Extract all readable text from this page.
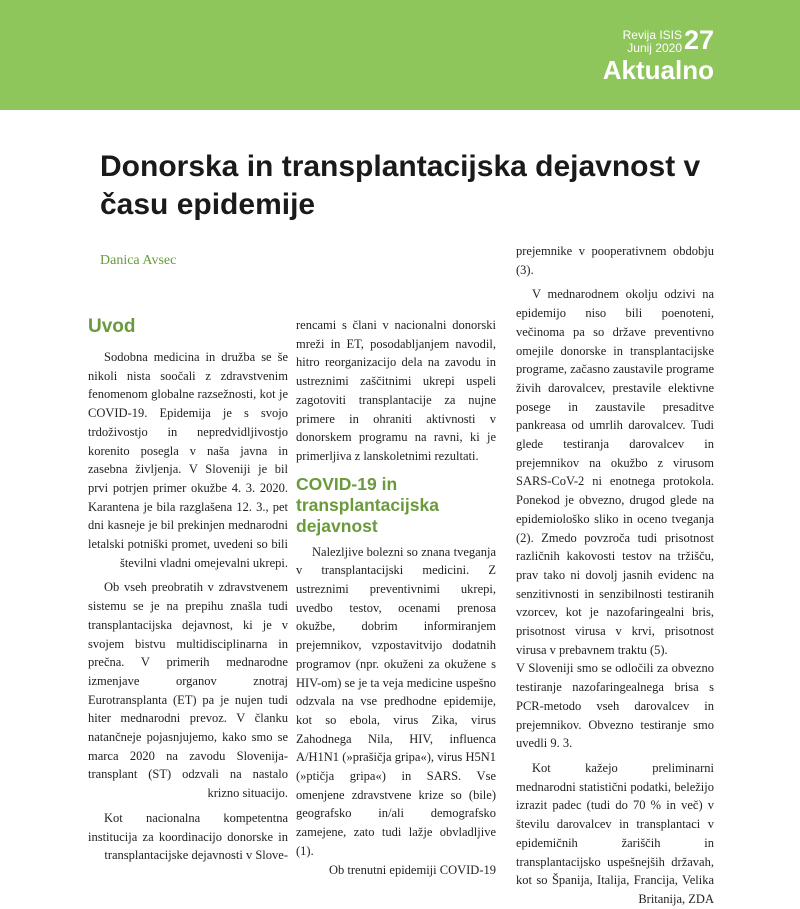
Revija ISIS
Junij 2020 27
Aktualno
Donorska in transplantacijska dejavnost v času epidemije
Danica Avsec
Uvod

Sodobna medicina in družba se še nikoli nista soočali z zdravstvenim fenomenom globalne razsežnosti, kot je COVID-19. Epidemija je s svojo trdoživostjo in nepredvidljivostjo korenito posegla v naša javna in zasebna življenja. V Sloveniji je bil prvi potrjen primer okužbe 4. 3. 2020. Karantena je bila razglašena 12. 3., pet dni kasneje je bil prekinjen mednarodni letalski potniški promet, uvedeni so bili številni vladni omejevalni ukrepi.

Ob vseh preobratih v zdravstvenem sistemu se je na prepihu znašla tudi transplantacijska dejavnost, ki je v svojem bistvu multidisciplinarna in prečna. V primerih mednarodne izmenjave organov znotraj Eurotransplanta (ET) pa je nujen tudi hiter mednarodni prevoz. V članku natančneje pojasnjujemo, kako smo se marca 2020 na zavodu Slovenija-transplant (ST) odzvali na nastalo krizno situacijo.

Kot nacionalna kompetentna institucija za koordinacijo donorske in transplantacijske dejavnosti v Slove-

rencami s člani v nacionalni donorski mreži in ET, posodabljanjem navodil, hitro reorganizacijo dela na zavodu in ustreznimi zaščitnimi ukrepi uspeli zagotoviti transplantacije za nujne primere in ohraniti aktivnosti v donorskem programu na ravni, ki je primerljiva z lanskoletnimi rezultati.

COVID-19 in transplantacijska dejavnost

Nalezljive bolezni so znana tveganja v transplantacijski medicini. Z ustreznimi preventivnimi ukrepi, uvedbo testov, ocenami prenosa okužbe, dobrim informiranjem prejemnikov, vzpostavitvijo dodatnih programov (npr. okuženi za okužene s HIV-om) se je ta veja medicine uspešno odzvala na vse predhodne epidemije, kot so ebola, virus Zika, virus Zahodnega Nila, HIV, influenca A/H1N1 (»prašičja gripa«), virus H5N1 (»ptičja gripa«) in SARS. Vse omenjene zdravstvene krize so (bile) geografsko in/ali demografsko zamejene, zato tudi lažje obvladljive (1).

Ob trenutni epidemiji COVID-19

prejemnike v pooperativnem obdobju (3).

V mednarodnem okolju odzivi na epidemijo niso bili poenoteni, večinoma pa so države preventivno omejile donorske in transplantacijske programe, začasno zaustavile programe živih darovalcev, prestavile elektivne posege in zaustavile presaditve pankreasa od umrlih darovalcev. Tudi glede testiranja darovalcev in prejemnikov na okužbo z virusom SARS-CoV-2 ni enotnega protokola. Ponekod je obvezno, drugod glede na epidemiološko sliko in oceno tveganja (2). Zmedo povzroča tudi prisotnost različnih kakovosti testov na tržišču, prav tako ni dovolj jasnih evidenc na senzitivnosti in senzibilnosti testiranih vzorcev, kot je nazofaringealni bris, prisotnost virusa v krvi, prisotnost virusa v prebavnem traktu (5).

V Sloveniji smo se odločili za obvezno testiranje nazofaringealnega brisa s PCR-metodo vseh darovalcev in prejemnikov. Obvezno testiranje smo uvedli 9. 3.

Kot kažejo preliminarni mednarodni statistični podatki, beležijo izrazit padec (tudi do 70 % in več) v številu darovalcev in transplantaci v epidemičnih žariščih in transplantacijsko uspešnejših državah, kot so Španija, Italija, Francija, Velika Britanija, ZDA
